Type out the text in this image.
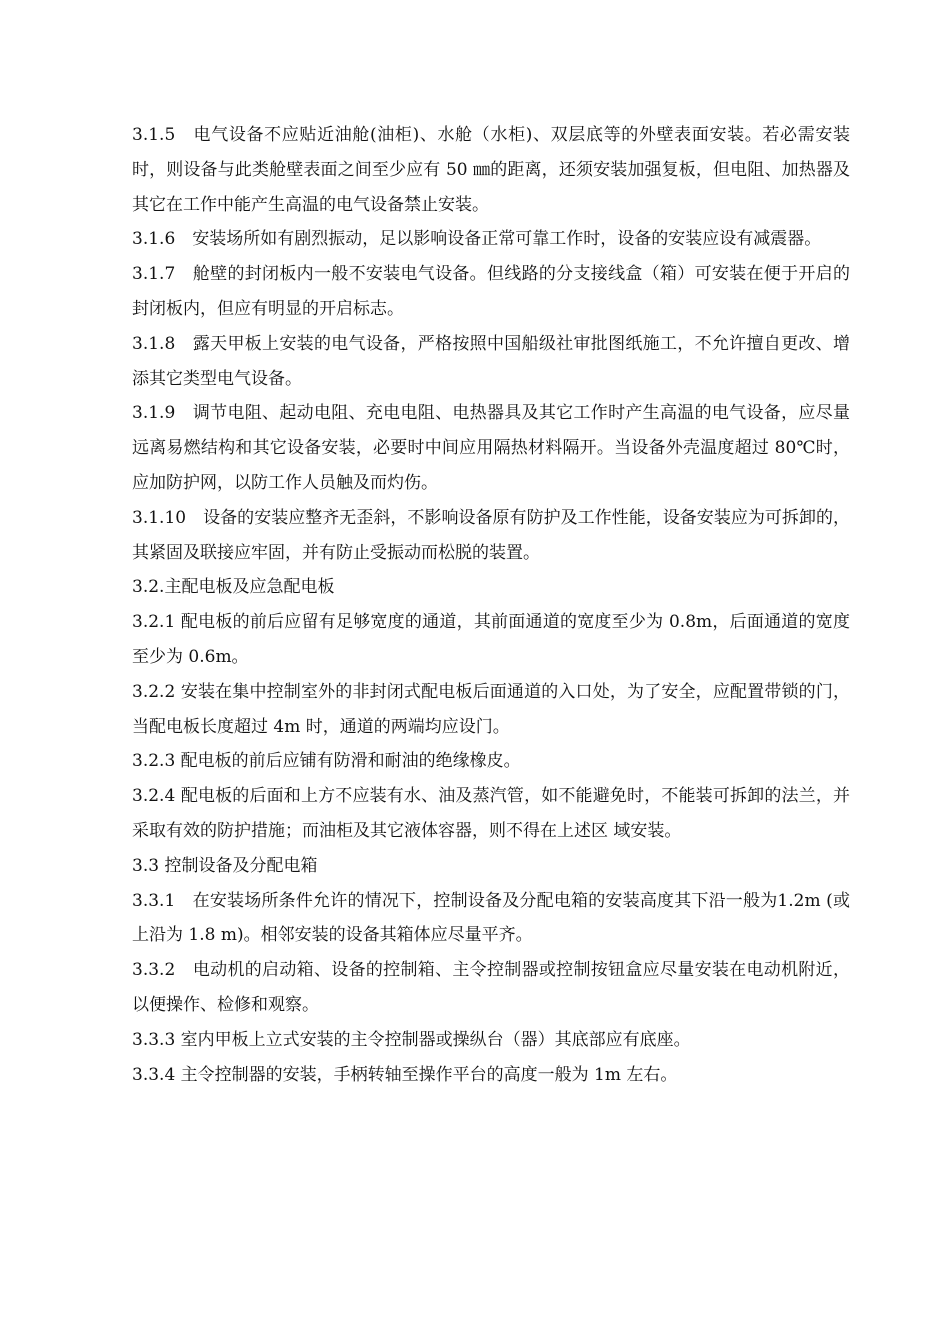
3.1.5　电气设备不应贴近油舱(油柜)、水舱（水柜)、双层底等的外壁表面安装。若必需安装时，则设备与此类舱壁表面之间至少应有 50 ㎜的距离，还须安装加强复板，但电阻、加热器及其它在工作中能产生高温的电气设备禁止安装。

3.1.6　安装场所如有剧烈振动，足以影响设备正常可靠工作时，设备的安装应设有减震器。

3.1.7　舱壁的封闭板内一般不安装电气设备。但线路的分支接线盒（箱）可安装在便于开启的封闭板内，但应有明显的开启标志。

3.1.8　露天甲板上安装的电气设备，严格按照中国船级社审批图纸施工，不允许擅自更改、增添其它类型电气设备。

3.1.9　调节电阻、起动电阻、充电电阻、电热器具及其它工作时产生高温的电气设备，应尽量远离易燃结构和其它设备安装，必要时中间应用隔热材料隔开。当设备外壳温度超过 80℃时，应加防护网，以防工作人员触及而灼伤。

3.1.10　设备的安装应整齐无歪斜，不影响设备原有防护及工作性能，设备安装应为可拆卸的，其紧固及联接应牢固，并有防止受振动而松脱的装置。

3.2.主配电板及应急配电板

3.2.1 配电板的前后应留有足够宽度的通道，其前面通道的宽度至少为 0.8m，后面通道的宽度至少为 0.6m。

3.2.2 安装在集中控制室外的非封闭式配电板后面通道的入口处，为了安全，应配置带锁的门，当配电板长度超过 4m 时，通道的两端均应设门。

3.2.3 配电板的前后应铺有防滑和耐油的绝缘橡皮。

3.2.4 配电板的后面和上方不应装有水、油及蒸汽管，如不能避免时，不能装可拆卸的法兰，并采取有效的防护措施；而油柜及其它液体容器，则不得在上述区 域安装。

3.3 控制设备及分配电箱

3.3.1　在安装场所条件允许的情况下，控制设备及分配电箱的安装高度其下沿一般为1.2m (或上沿为 1.8 m)。相邻安装的设备其箱体应尽量平齐。

3.3.2　电动机的启动箱、设备的控制箱、主令控制器或控制按钮盒应尽量安装在电动机附近，以便操作、检修和观察。

3.3.3 室内甲板上立式安装的主令控制器或操纵台（器）其底部应有底座。

3.3.4 主令控制器的安装，手柄转轴至操作平台的高度一般为 1m 左右。
